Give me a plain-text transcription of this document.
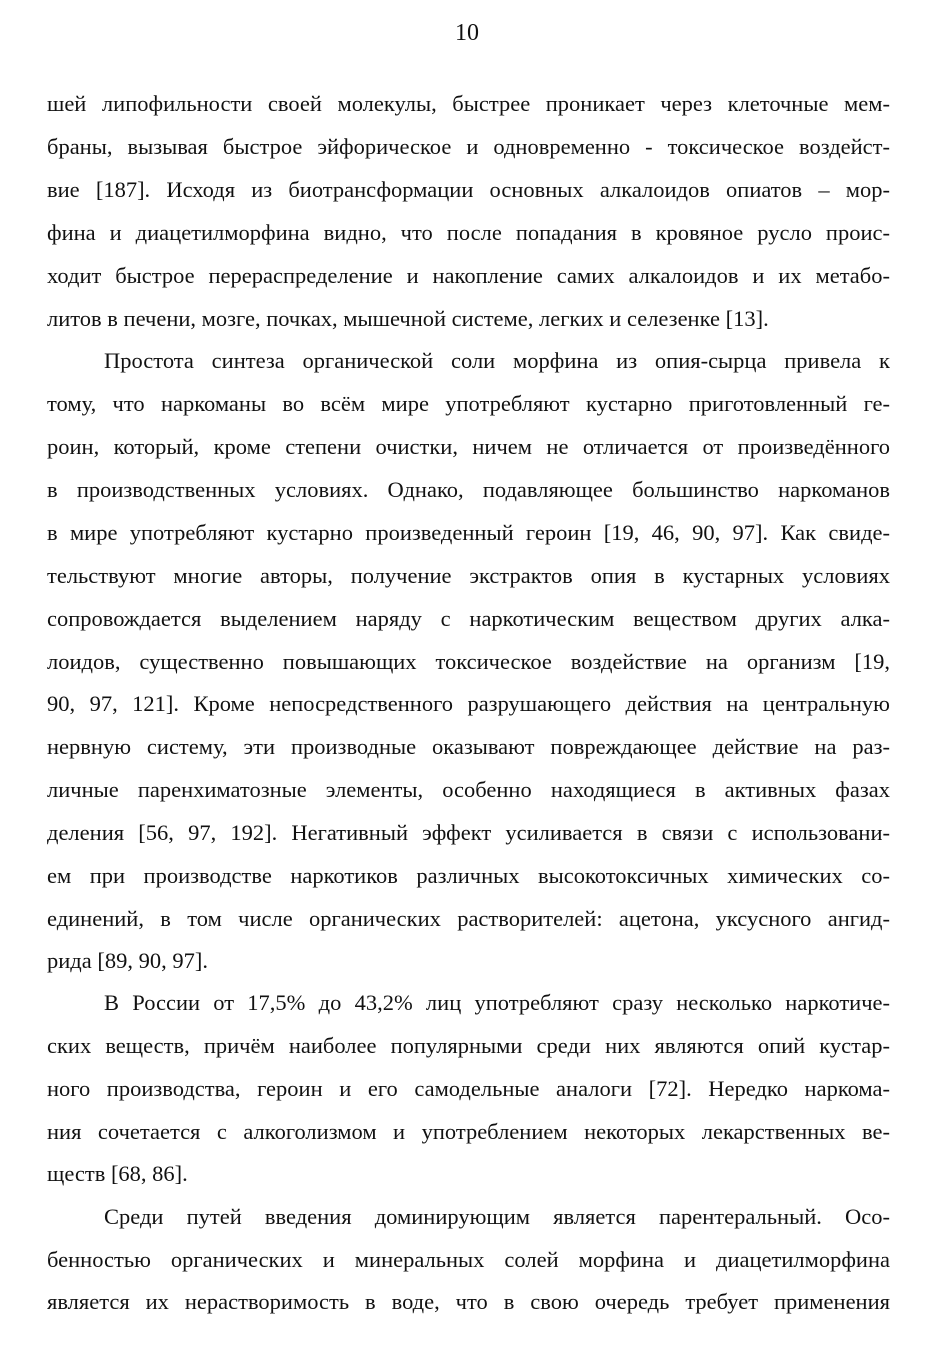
10
шей липофильности своей молекулы, быстрее проникает через клеточные мем-
браны, вызывая быстрое эйфорическое и одновременно - токсическое воздейст-
вие [187]. Исходя из биотрансформации основных алкалоидов опиатов – мор-
фина и диацетилморфина видно, что после попадания в кровяное русло проис-
ходит быстрое перераспределение и накопление самих алкалоидов и их метабо-
литов в печени, мозге, почках, мышечной системе, легких и селезенке [13].
Простота синтеза органической соли морфина из опия-сырца привела к
тому, что наркоманы во всём мире употребляют кустарно приготовленный ге-
роин, который, кроме степени очистки, ничем не отличается от произведённого
в производственных условиях. Однако, подавляющее большинство наркоманов
в мире употребляют кустарно произведенный героин [19, 46, 90, 97]. Как свиде-
тельствуют многие авторы, получение экстрактов опия в кустарных условиях
сопровождается выделением наряду с наркотическим веществом других алка-
лоидов, существенно повышающих токсическое воздействие на организм [19,
90, 97, 121]. Кроме непосредственного разрушающего действия на центральную
нервную систему, эти производные оказывают повреждающее действие на раз-
личные паренхиматозные элементы, особенно находящиеся в активных фазах
деления [56, 97, 192]. Негативный эффект усиливается в связи с использовани-
ем при производстве наркотиков различных высокотоксичных химических со-
единений, в том числе органических растворителей: ацетона, уксусного ангид-
рида [89, 90, 97].
В России от 17,5% до 43,2% лиц употребляют сразу несколько наркотиче-
ских веществ, причём наиболее популярными среди них являются опий кустар-
ного производства, героин и его самодельные аналоги [72]. Нередко наркома-
ния сочетается с алкоголизмом и употреблением некоторых лекарственных ве-
ществ [68, 86].
Среди путей введения доминирующим является парентеральный. Осо-
бенностью органических и минеральных солей морфина и диацетилморфина
является их нерастворимость в воде, что в свою очередь требует применения
